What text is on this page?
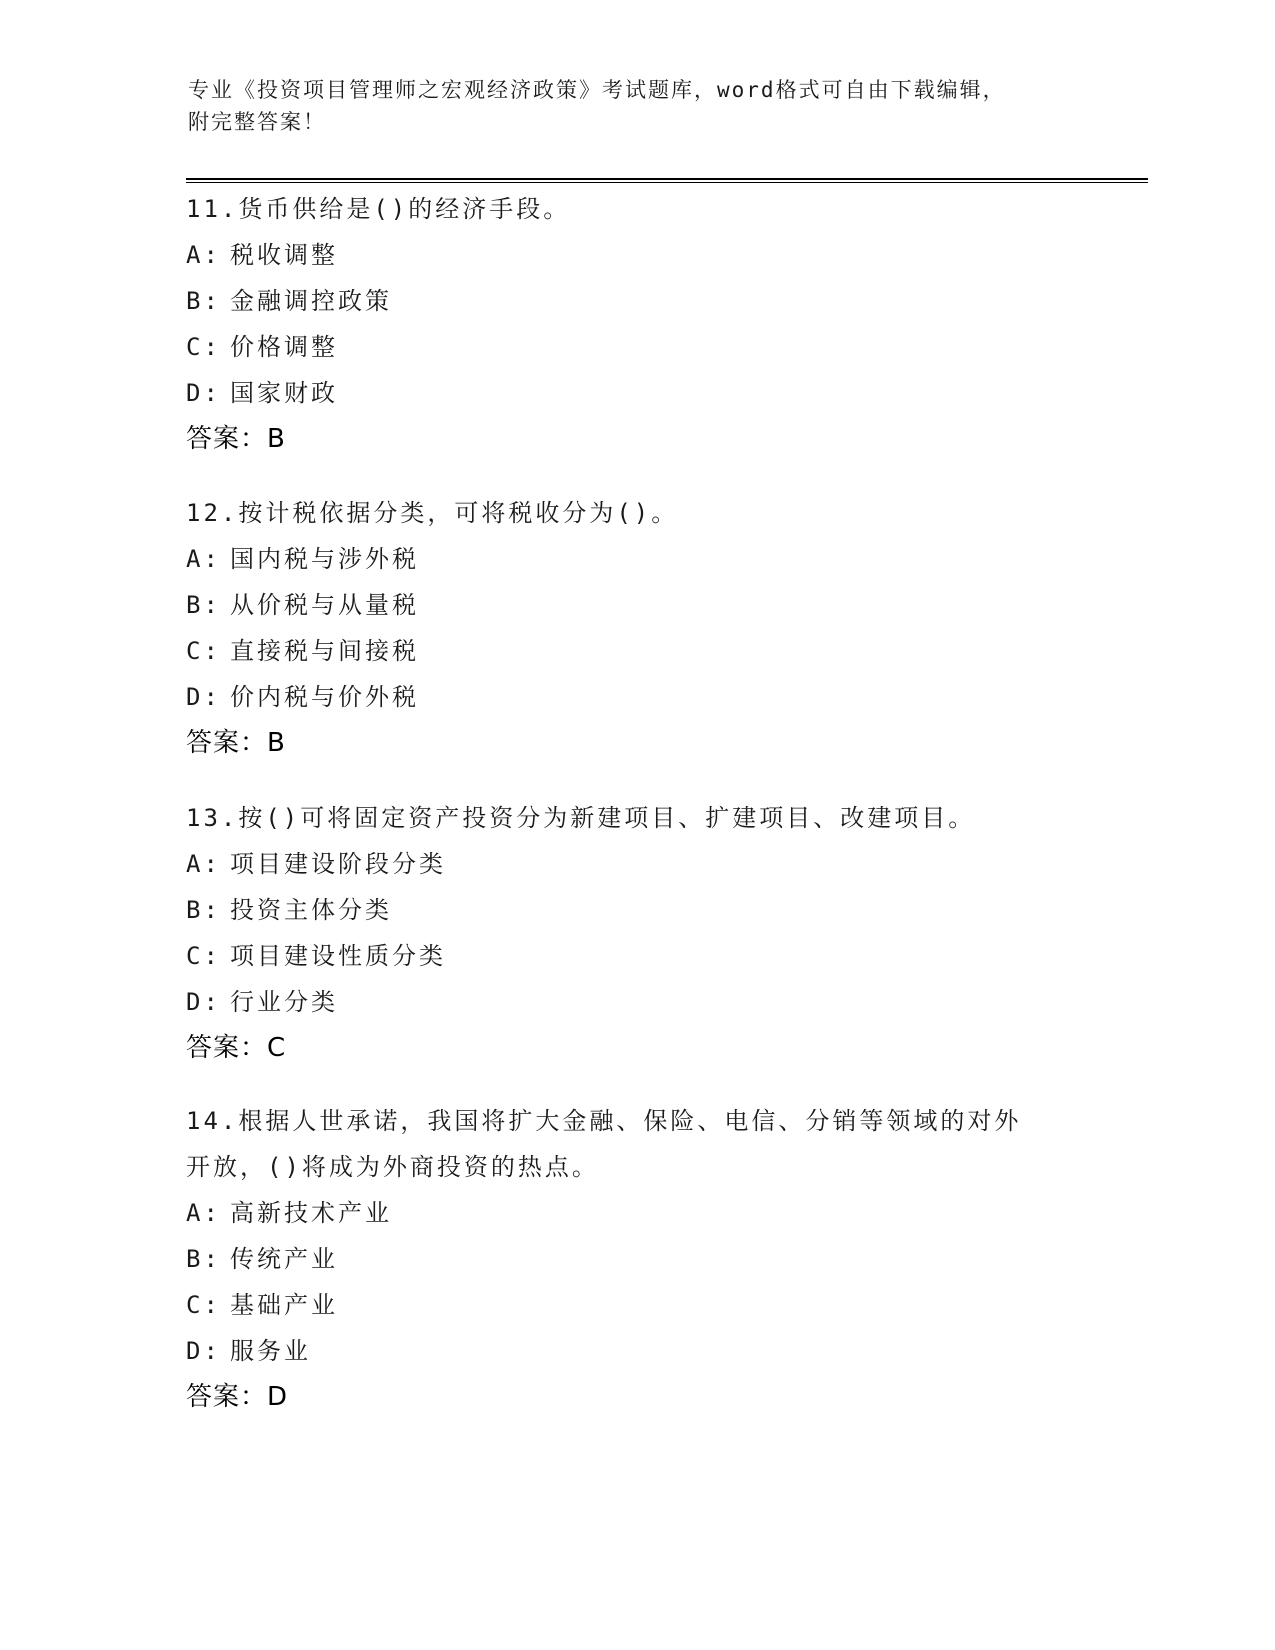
专业《投资项目管理师之宏观经济政策》考试题库，word格式可自由下载编辑，
附完整答案！

11.货币供给是()的经济手段。

A: 税收调整
B: 金融调控政策
C: 价格调整
D: 国家财政
答案：B

12.按计税依据分类，可将税收分为()。

A: 国内税与涉外税
B: 从价税与从量税
C: 直接税与间接税
D: 价内税与价外税
答案：B

13.按()可将固定资产投资分为新建项目、扩建项目、改建项目。

A: 项目建设阶段分类
B: 投资主体分类
C: 项目建设性质分类
D: 行业分类
答案：C

14.根据人世承诺，我国将扩大金融、保险、电信、分销等领域的对外

开放，()将成为外商投资的热点。

A: 高新技术产业
B: 传统产业
C: 基础产业
D: 服务业
答案：D
